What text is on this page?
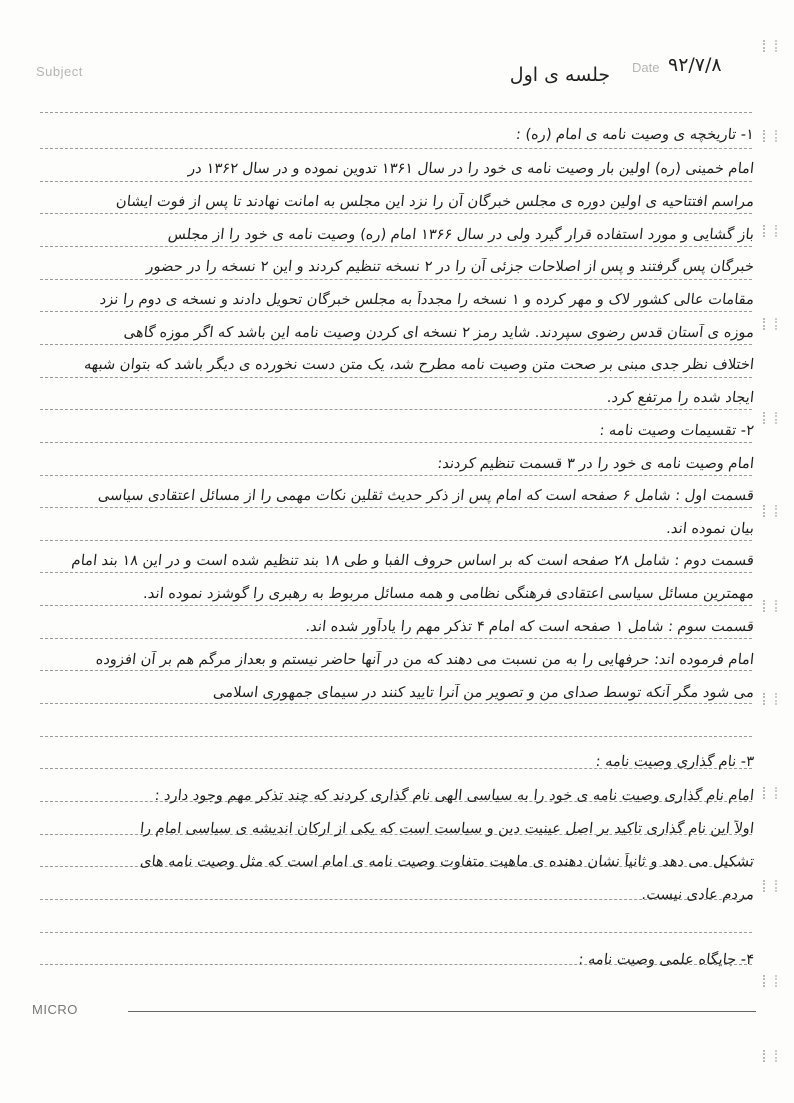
Subject	Date ۹۲/۷/۸
جلسه ی اول
۱- تاریخچه ی وصیت نامه ی امام (ره) :
امام خمینی (ره) اولین بار وصیت نامه ی خود را در سال ۱۳۶۱ تدوین نموده و در سال ۱۳۶۲ در
مراسم افتتاحیه ی اولین دوره ی مجلس خبرگان آن را نزد این مجلس به امانت نهادند تا پس از فوت ایشان
باز گشایی و مورد استفاده قرار گیرد ولی در سال ۱۳۶۶ امام (ره) وصیت نامه ی خود را از مجلس
خبرگان پس گرفتند و پس از اصلاحات جزئی آن را در ۲ نسخه تنظیم کردند و این ۲ نسخه را در حضور
مقامات عالی کشور لاک و مهر کرده و ۱ نسخه را مجدداً به مجلس خبرگان تحویل دادند و نسخه ی دوم را نزد
موزه ی آستان قدس رضوی سپردند. شاید رمز ۲ نسخه ای کردن وصیت نامه این باشد که اگر موزه گاهی
اختلاف نظر جدی مبنی بر صحت متن وصیت نامه مطرح شد، یک متن دست نخورده ی دیگر باشد که بتوان شبهه
ایجاد شده را مرتفع کرد.
۲- تقسیمات وصیت نامه :
امام وصیت نامه ی خود را در ۳ قسمت تنظیم کردند:
قسمت اول : شامل ۶ صفحه است که امام پس از ذکر حدیث ثقلین نکات مهمی را از مسائل اعتقادی سیاسی
بیان نموده اند.
قسمت دوم : شامل ۲۸ صفحه است که بر اساس حروف الفبا و طی ۱۸ بند تنظیم شده است و در این ۱۸ بند امام
مهمترین مسائل سیاسی اعتقادی فرهنگی نظامی و همه مسائل مربوط به رهبری را گوشزد نموده اند.
قسمت سوم : شامل ۱ صفحه است که امام ۴ تذکر مهم را یادآور شده اند.
امام فرموده اند: حرفهایی را به من نسبت می دهند که من در آنها حاضر نیستم و بعداز مرگم هم بر آن افزوده
می شود مگر آنکه توسط صدای من و تصویر من آنرا تایید کنند در سیمای جمهوری اسلامی
۳- نام گذاری وصیت نامه :
امام نام گذاری وصیت نامه ی خود را به سیاسی الهی نام گذاری کردند که چند تذکر مهم وجود دارد :
اولاً این نام گذاری تاکید بر اصل عینیت دین و سیاست است که یکی از ارکان اندیشه ی سیاسی امام را
تشکیل می دهد و ثانیاً نشان دهنده ی ماهیت متفاوت وصیت نامه ی امام است که مثل وصیت نامه های
مردم عادی نیست.
۴- جایگاه علمی وصیت نامه :
MICRO
